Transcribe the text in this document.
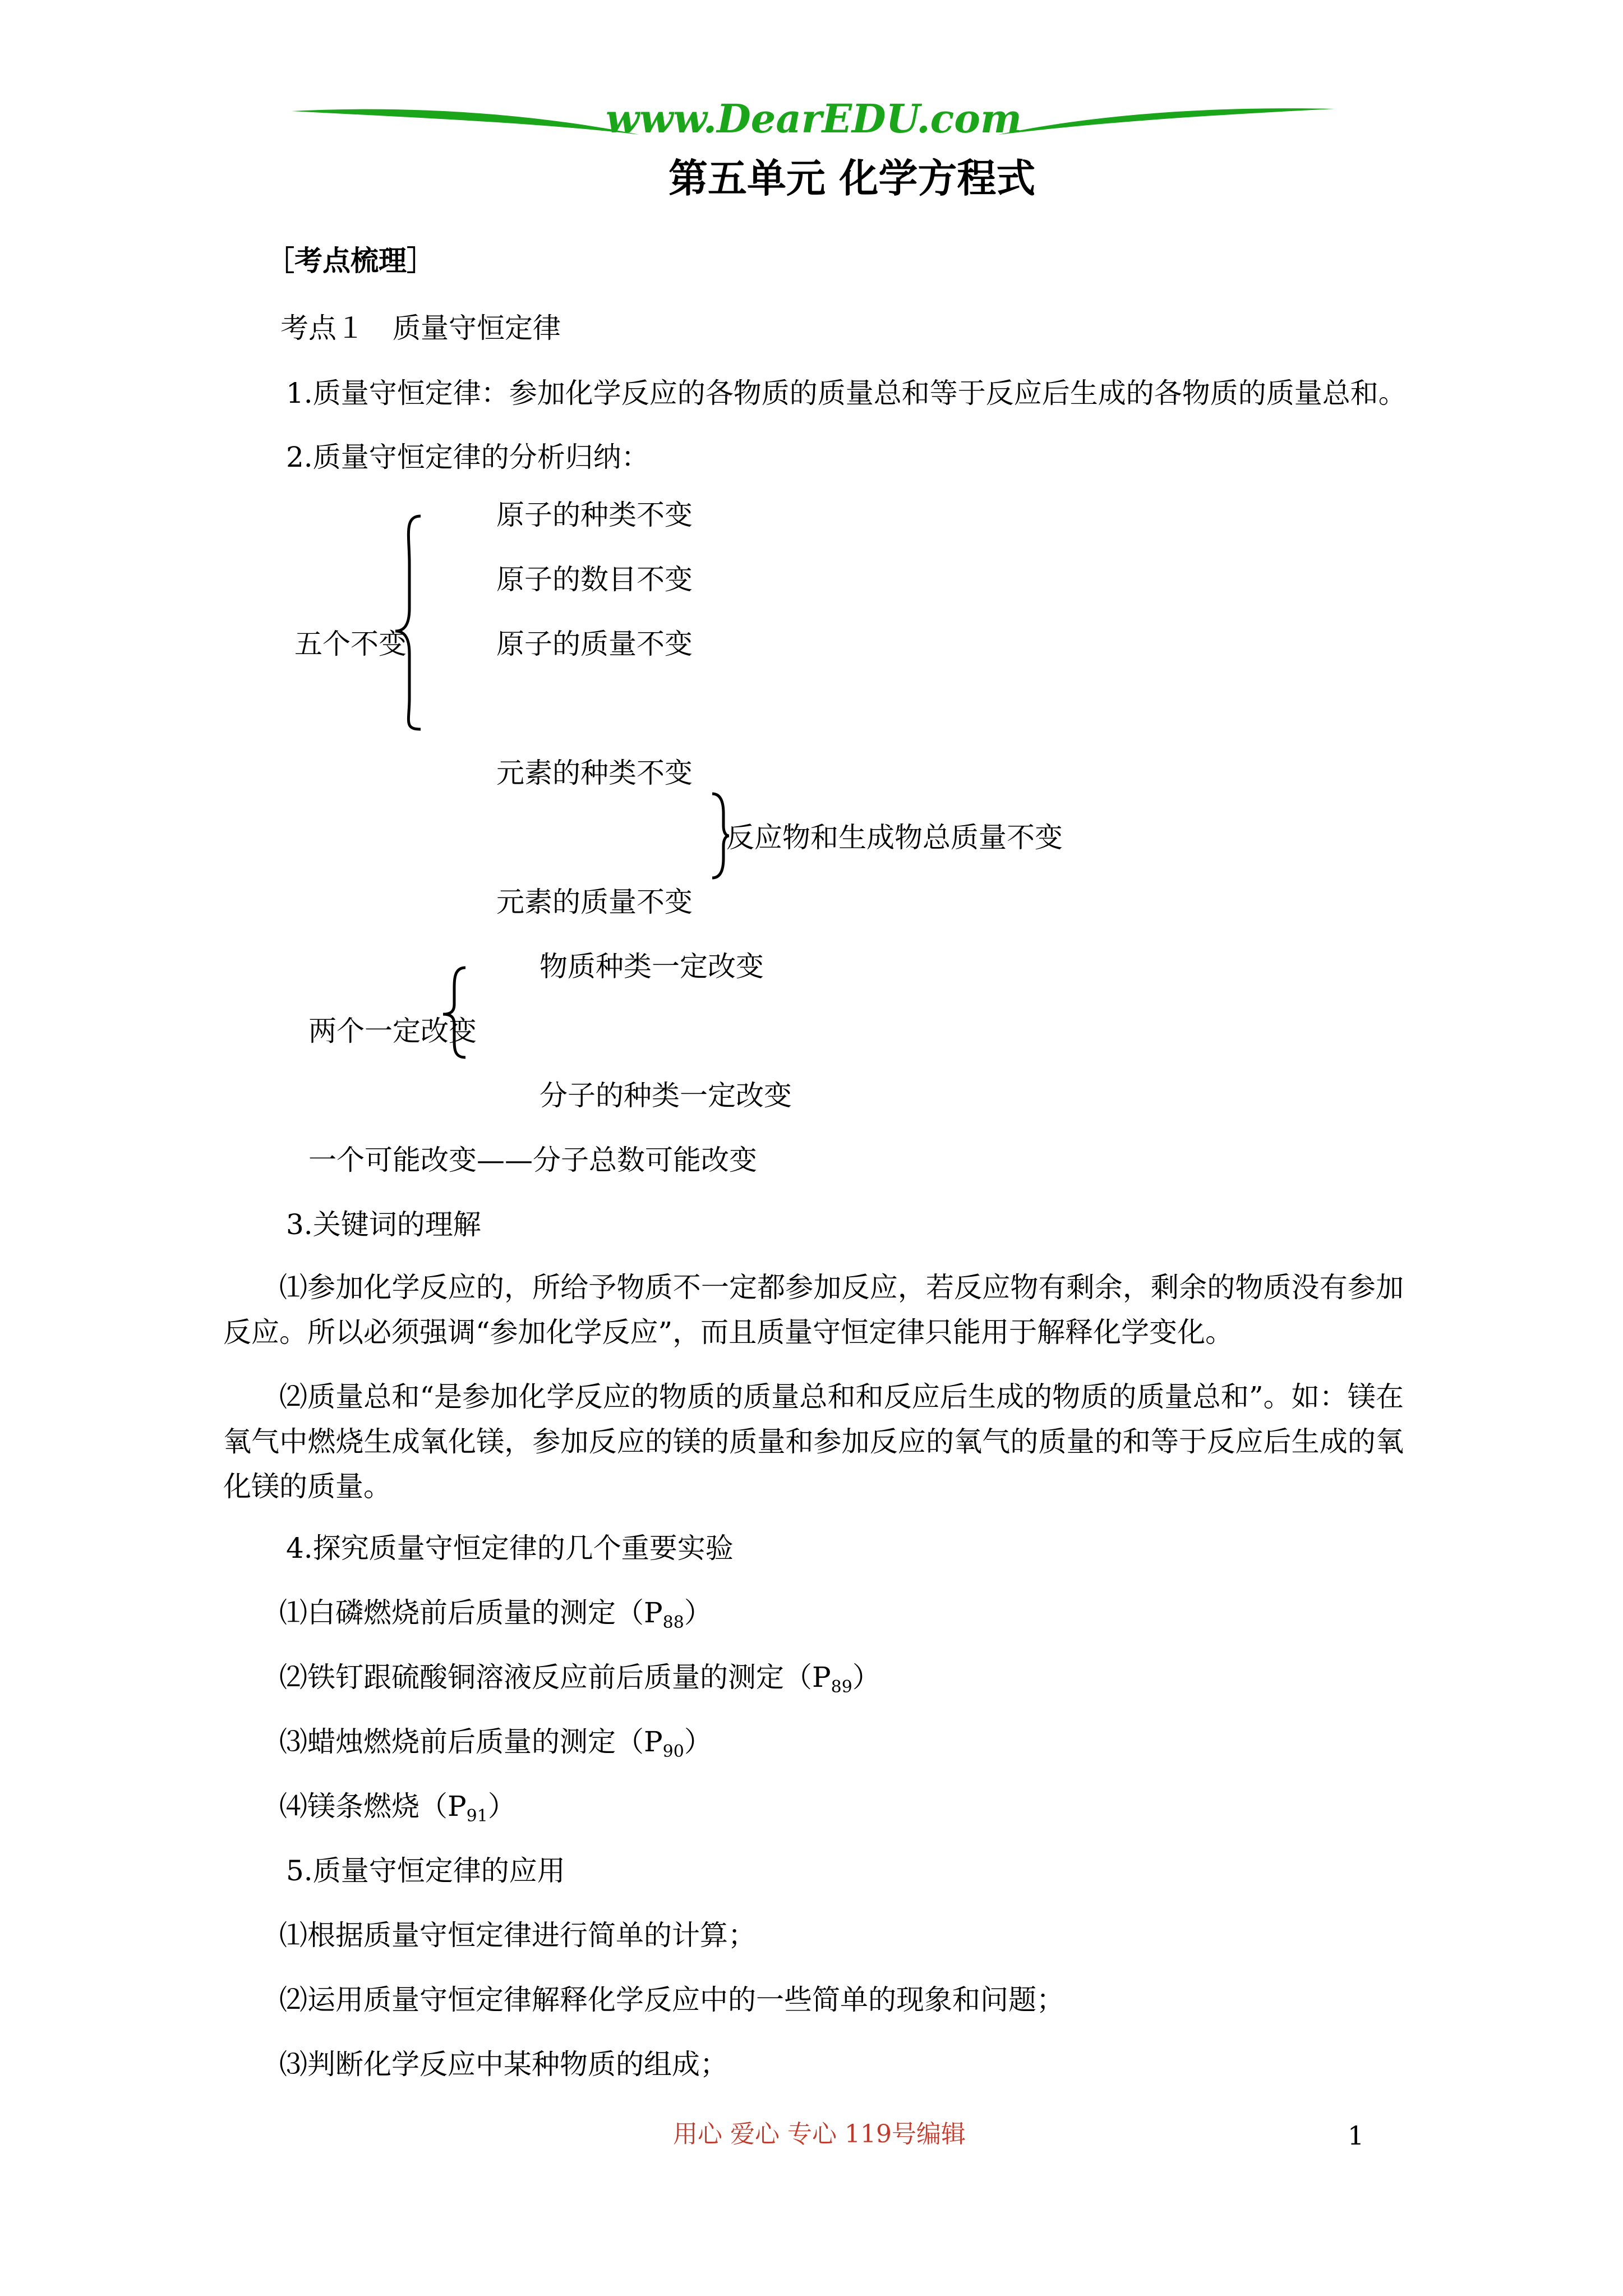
www.DearEDU.com
第五单元 化学方程式
［考点梳理］
考点１　质量守恒定律
1.质量守恒定律：参加化学反应的各物质的质量总和等于反应后生成的各物质的质量总和。
2.质量守恒定律的分析归纳：
五个不变
原子的种类不变
原子的数目不变
原子的质量不变
元素的种类不变
反应物和生成物总质量不变
元素的质量不变
两个一定改变
物质种类一定改变
分子的种类一定改变
一个可能改变——分子总数可能改变
3.关键词的理解
⑴参加化学反应的，所给予物质不一定都参加反应，若反应物有剩余，剩余的物质没有参加反应。所以必须强调“参加化学反应”，而且质量守恒定律只能用于解释化学变化。
⑵质量总和“是参加化学反应的物质的质量总和和反应后生成的物质的质量总和”。如：镁在氧气中燃烧生成氧化镁，参加反应的镁的质量和参加反应的氧气的质量的和等于反应后生成的氧化镁的质量。
4.探究质量守恒定律的几个重要实验
⑴白磷燃烧前后质量的测定$(P_{88})$
⑵铁钉跟硫酸铜溶液反应前后质量的测定$(P_{89})$
⑶蜡烛燃烧前后质量的测定$(P_{90})$
⑷镁条燃烧$(P_{91})$
5.质量守恒定律的应用
⑴根据质量守恒定律进行简单的计算；
⑵运用质量守恒定律解释化学反应中的一些简单的现象和问题；
⑶判断化学反应中某种物质的组成；
用心 爱心 专心 119号编辑	1
